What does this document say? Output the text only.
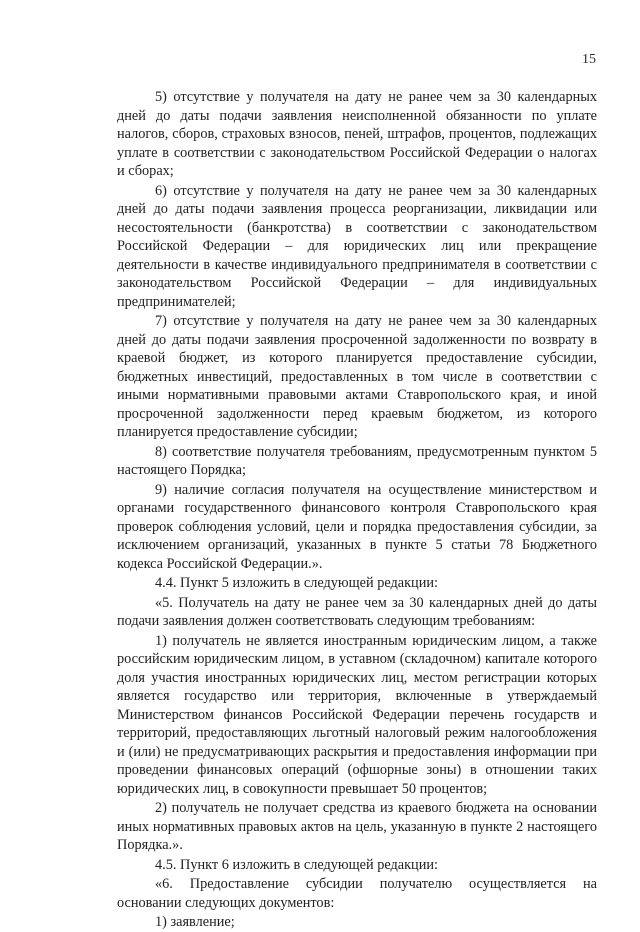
15

5) отсутствие у получателя на дату не ранее чем за 30 календарных дней до даты подачи заявления неисполненной обязанности по уплате налогов, сборов, страховых взносов, пеней, штрафов, процентов, подлежащих уплате в соответствии с законодательством Российской Федерации о налогах и сборах;

6) отсутствие у получателя на дату не ранее чем за 30 календарных дней до даты подачи заявления процесса реорганизации, ликвидации или несостоятельности (банкротства) в соответствии с законодательством Российской Федерации – для юридических лиц или прекращение деятельности в качестве индивидуального предпринимателя в соответствии с законодательством Российской Федерации – для индивидуальных предпринимателей;

7) отсутствие у получателя на дату не ранее чем за 30 календарных дней до даты подачи заявления просроченной задолженности по возврату в краевой бюджет, из которого планируется предоставление субсидии, бюджетных инвестиций, предоставленных в том числе в соответствии с иными нормативными правовыми актами Ставропольского края, и иной просроченной задолженности перед краевым бюджетом, из которого планируется предоставление субсидии;

8) соответствие получателя требованиям, предусмотренным пунктом 5 настоящего Порядка;

9) наличие согласия получателя на осуществление министерством и органами государственного финансового контроля Ставропольского края проверок соблюдения условий, цели и порядка предоставления субсидии, за исключением организаций, указанных в пункте 5 статьи 78 Бюджетного кодекса Российской Федерации.».

4.4. Пункт 5 изложить в следующей редакции:

«5. Получатель на дату не ранее чем за 30 календарных дней до даты подачи заявления должен соответствовать следующим требованиям:

1) получатель не является иностранным юридическим лицом, а также российским юридическим лицом, в уставном (складочном) капитале которого доля участия иностранных юридических лиц, местом регистрации которых является государство или территория, включенные в утверждаемый Министерством финансов Российской Федерации перечень государств и территорий, предоставляющих льготный налоговый режим налогообложения и (или) не предусматривающих раскрытия и предоставления информации при проведении финансовых операций (офшорные зоны) в отношении таких юридических лиц, в совокупности превышает 50 процентов;

2) получатель не получает средства из краевого бюджета на основании иных нормативных правовых актов на цель, указанную в пункте 2 настоящего Порядка.».

4.5. Пункт 6 изложить в следующей редакции:

«6. Предоставление субсидии получателю осуществляется на основании следующих документов:

1) заявление;
